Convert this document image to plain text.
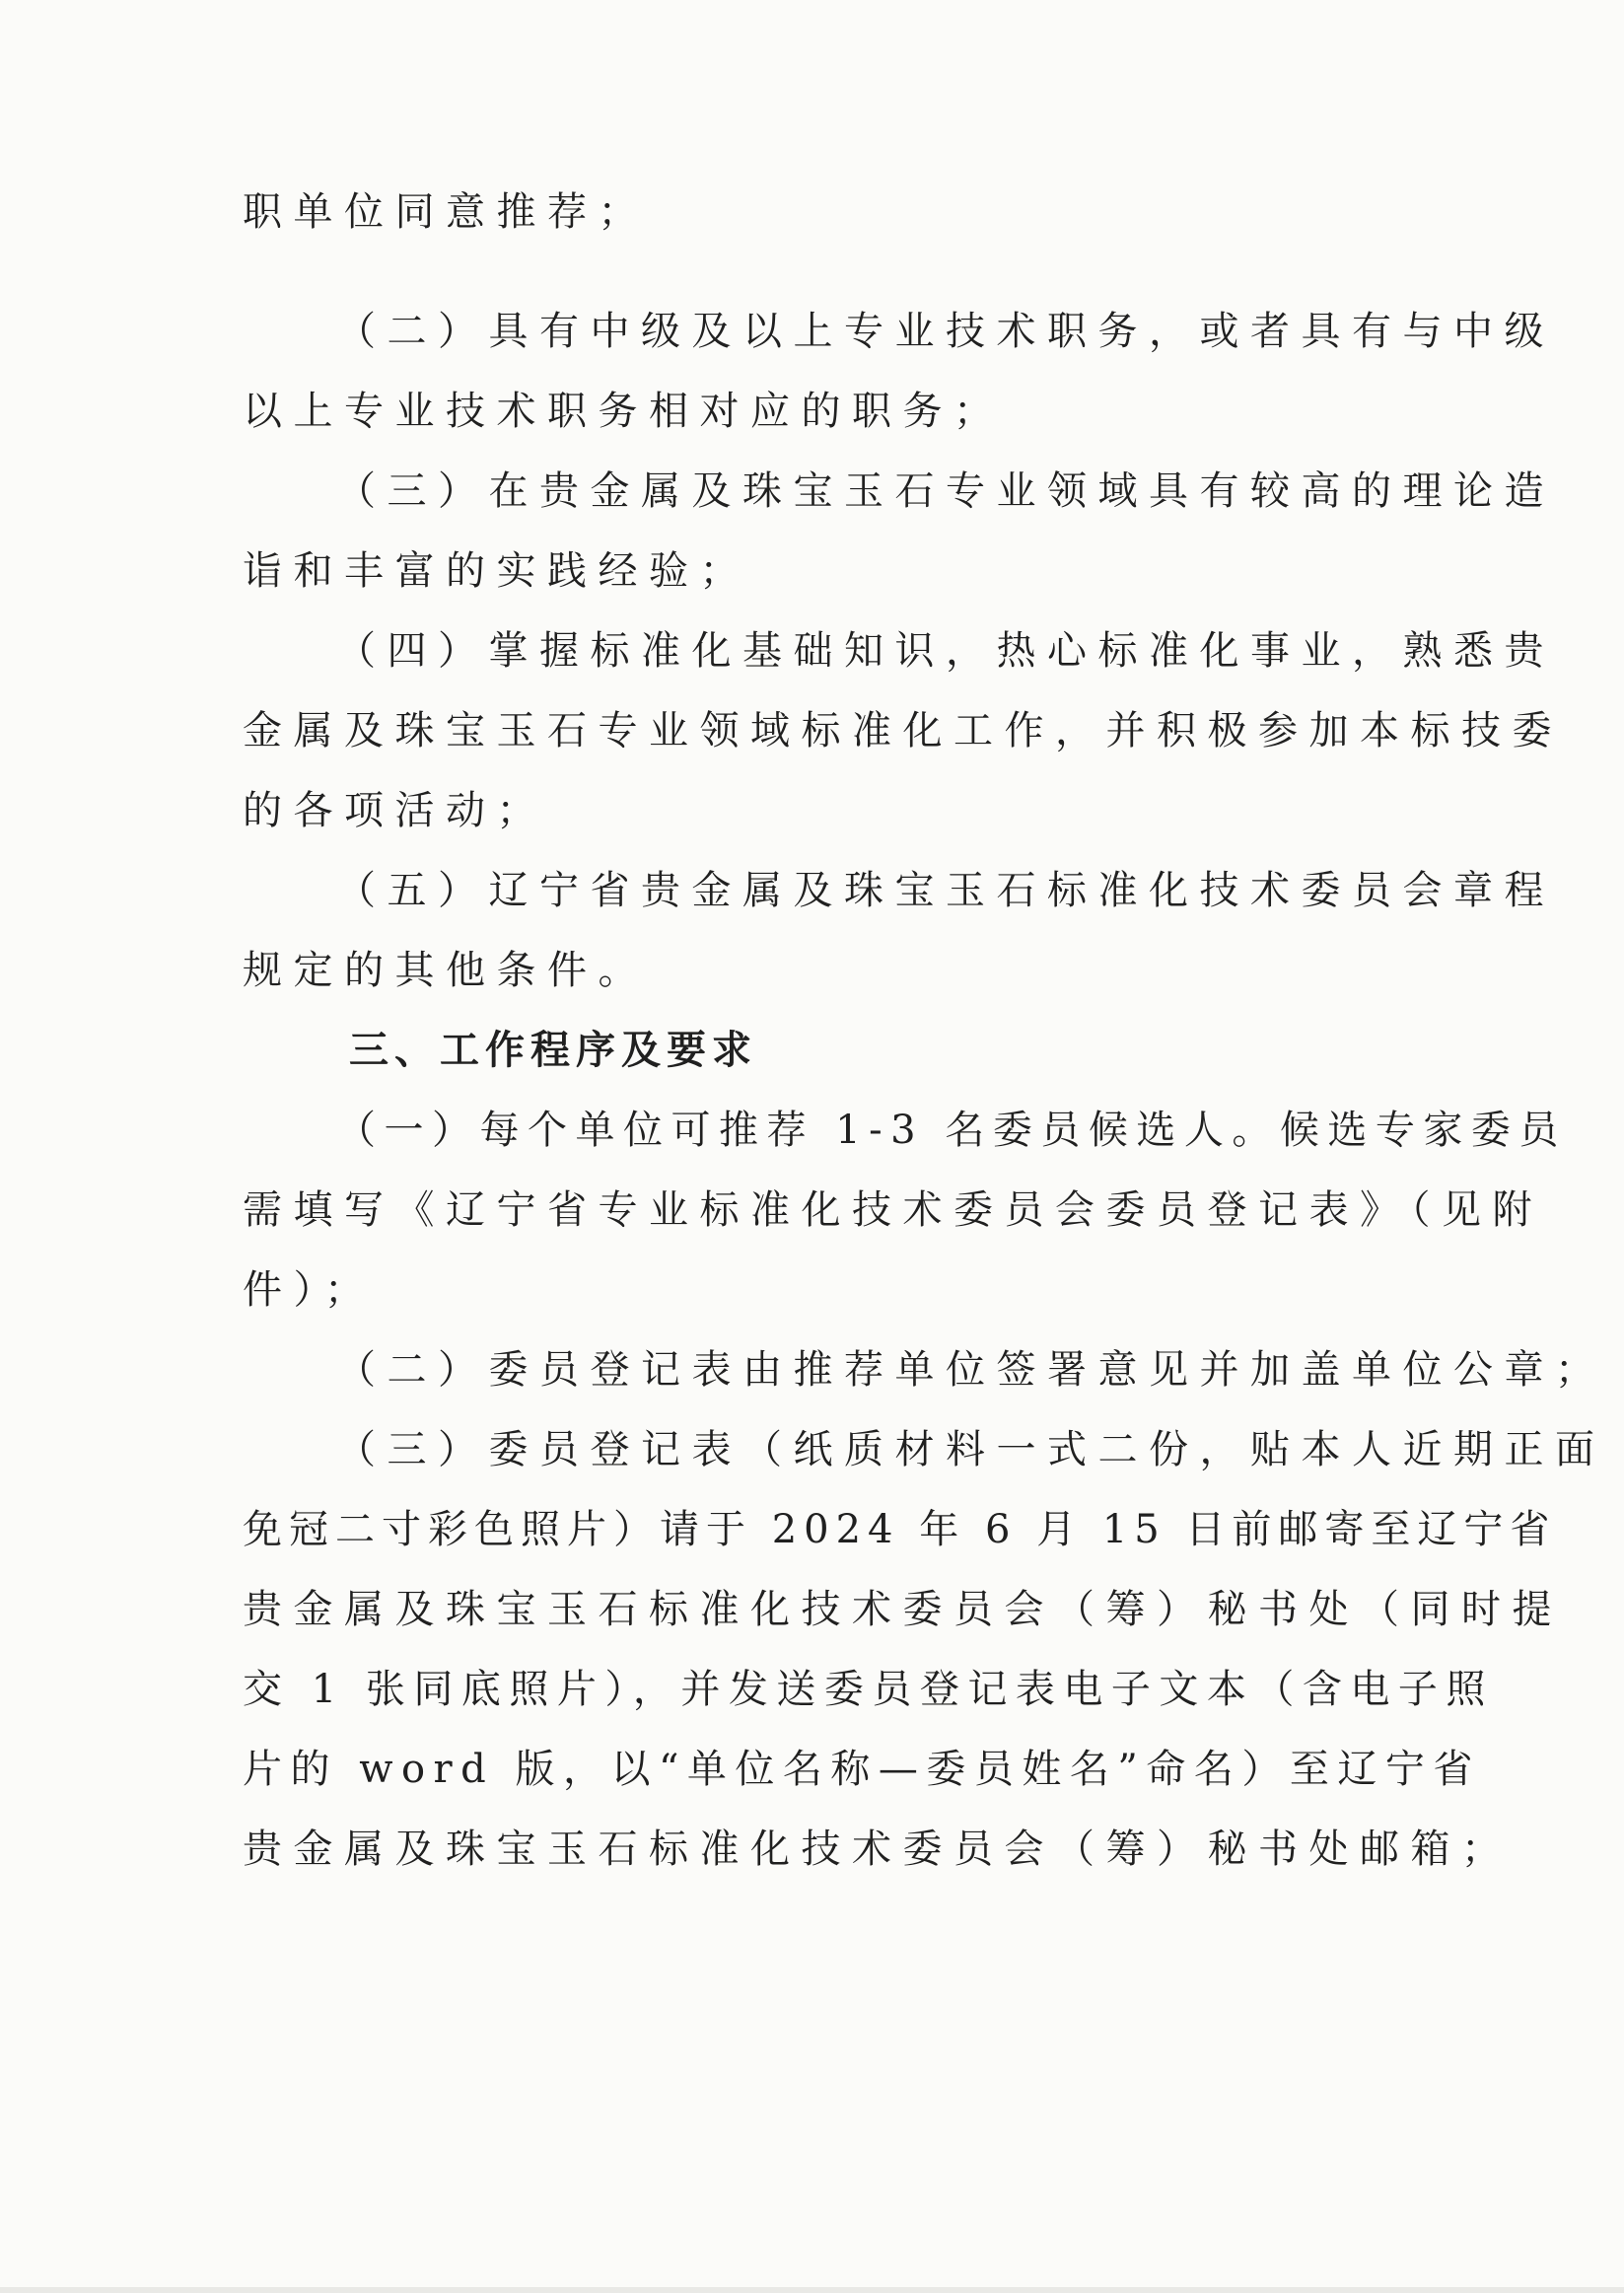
职单位同意推荐；
（二）具有中级及以上专业技术职务，或者具有与中级
以上专业技术职务相对应的职务；
（三）在贵金属及珠宝玉石专业领域具有较高的理论造
诣和丰富的实践经验；
（四）掌握标准化基础知识，热心标准化事业，熟悉贵
金属及珠宝玉石专业领域标准化工作，并积极参加本标技委
的各项活动；
（五）辽宁省贵金属及珠宝玉石标准化技术委员会章程
规定的其他条件。
三、工作程序及要求
（一）每个单位可推荐 1-3 名委员候选人。候选专家委员
需填写《辽宁省专业标准化技术委员会委员登记表》（见附
件）；
（二）委员登记表由推荐单位签署意见并加盖单位公章；
（三）委员登记表（纸质材料一式二份，贴本人近期正面
免冠二寸彩色照片）请于 2024 年 6 月 15 日前邮寄至辽宁省
贵金属及珠宝玉石标准化技术委员会（筹）秘书处（同时提
交 1 张同底照片），并发送委员登记表电子文本（含电子照
片的 word 版，以“单位名称—委员姓名”命名）至辽宁省
贵金属及珠宝玉石标准化技术委员会（筹）秘书处邮箱；
